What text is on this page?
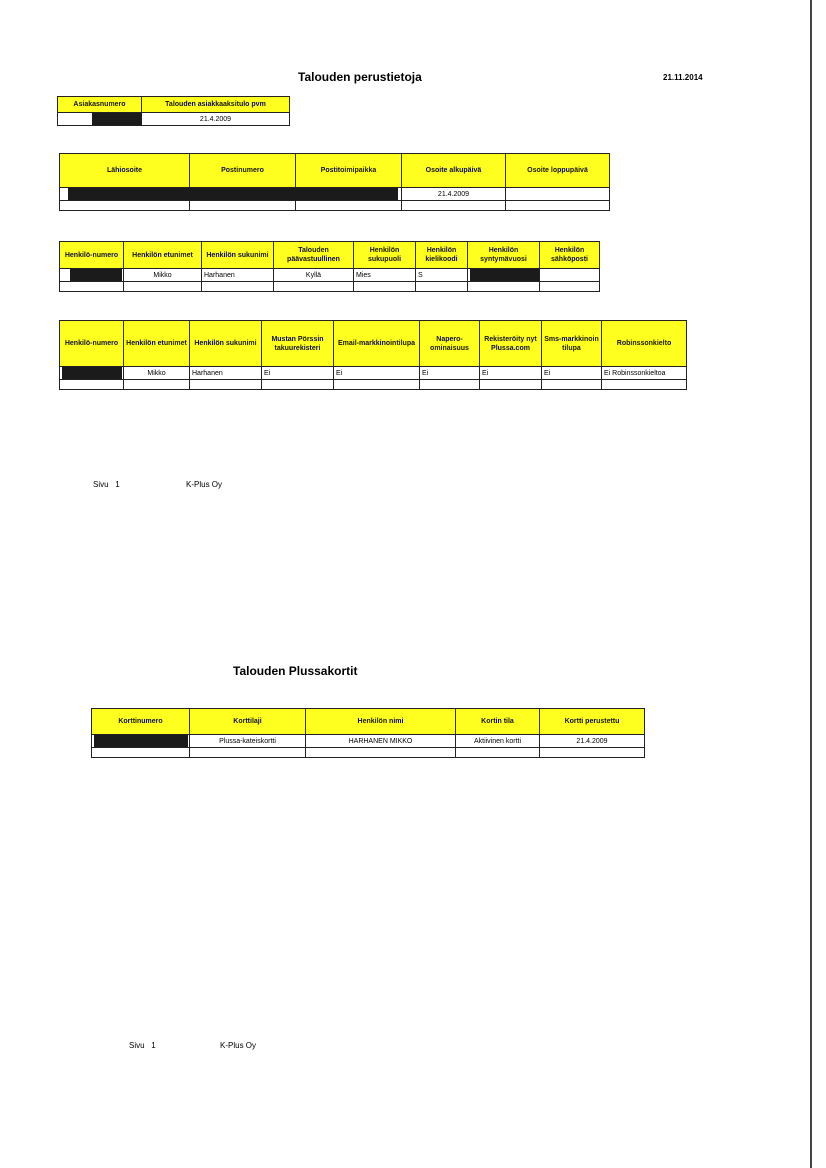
Talouden perustietoja	21.11.2014
Asiakasnumero	Talouden asiakkaaksitulo pvm

	21.4.2009
Lähiosoite	Postinumero	Postitoimipaikka	Osoite alkupäivä	Osoite loppupäivä

			21.4.2009	

Henkilö-numero	Henkilön etunimet	Henkilön sukunimi	Talouden päävastuullinen	Henkilön sukupuoli	Henkilön kielikoodi	Henkilön syntymävuosi	Henkilön sähköposti

	Mikko	Harhanen	Kyllä	Mies	S	

Henkilö-numero	Henkilön etunimet	Henkilön sukunimi	Mustan Pörssin takuurekisteri	Email-markkinointilupa	Napero-ominaisuus	Rekisteröity nyt Plussa.com	Sms-markkinoin tilupa	Robinssonkielto

	Mikko	Harhanen	Ei	Ei	Ei	Ei	Ei	Ei Robinssonkieltoa

Sivu 1	K-Plus Oy
Talouden Plussakortit
Korttinumero	Korttilaji	Henkilön nimi	Kortin tila	Kortti perustettu

	Plussa-kateiskortti	HARHANEN MIKKO	Aktiivinen kortti	21.4.2009

Sivu 1	K-Plus Oy
